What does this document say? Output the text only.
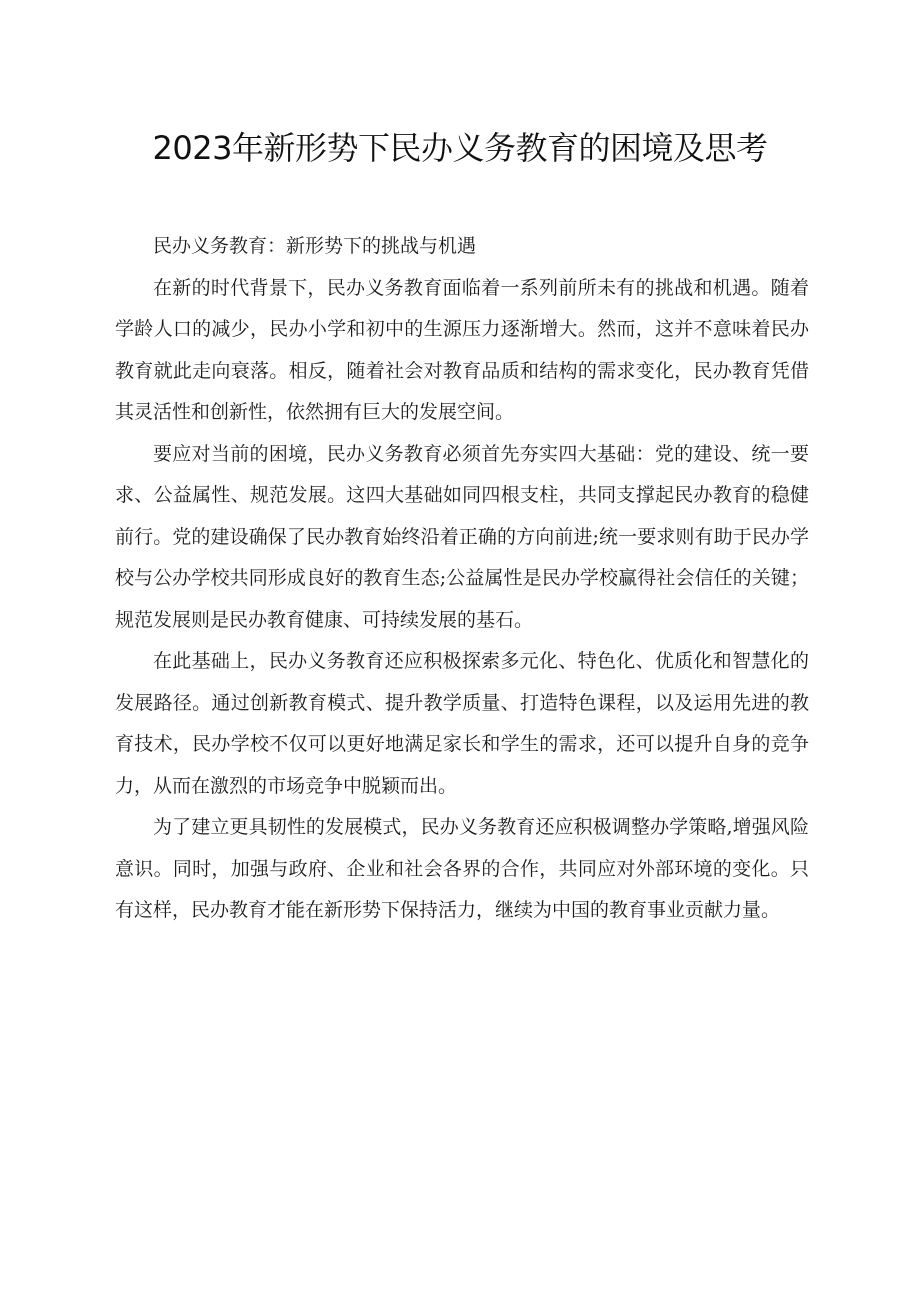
2023年新形势下民办义务教育的困境及思考

民办义务教育：新形势下的挑战与机遇

在新的时代背景下，民办义务教育面临着一系列前所未有的挑战和机遇。随着学龄人口的减少，民办小学和初中的生源压力逐渐增大。然而，这并不意味着民办教育就此走向衰落。相反，随着社会对教育品质和结构的需求变化，民办教育凭借其灵活性和创新性，依然拥有巨大的发展空间。

要应对当前的困境，民办义务教育必须首先夯实四大基础：党的建设、统一要求、公益属性、规范发展。这四大基础如同四根支柱，共同支撑起民办教育的稳健前行。党的建设确保了民办教育始终沿着正确的方向前进;统一要求则有助于民办学校与公办学校共同形成良好的教育生态;公益属性是民办学校赢得社会信任的关键；规范发展则是民办教育健康、可持续发展的基石。

在此基础上，民办义务教育还应积极探索多元化、特色化、优质化和智慧化的发展路径。通过创新教育模式、提升教学质量、打造特色课程，以及运用先进的教育技术，民办学校不仅可以更好地满足家长和学生的需求，还可以提升自身的竞争力，从而在激烈的市场竞争中脱颖而出。

为了建立更具韧性的发展模式，民办义务教育还应积极调整办学策略,增强风险意识。同时，加强与政府、企业和社会各界的合作，共同应对外部环境的变化。只有这样，民办教育才能在新形势下保持活力，继续为中国的教育事业贡献力量。
